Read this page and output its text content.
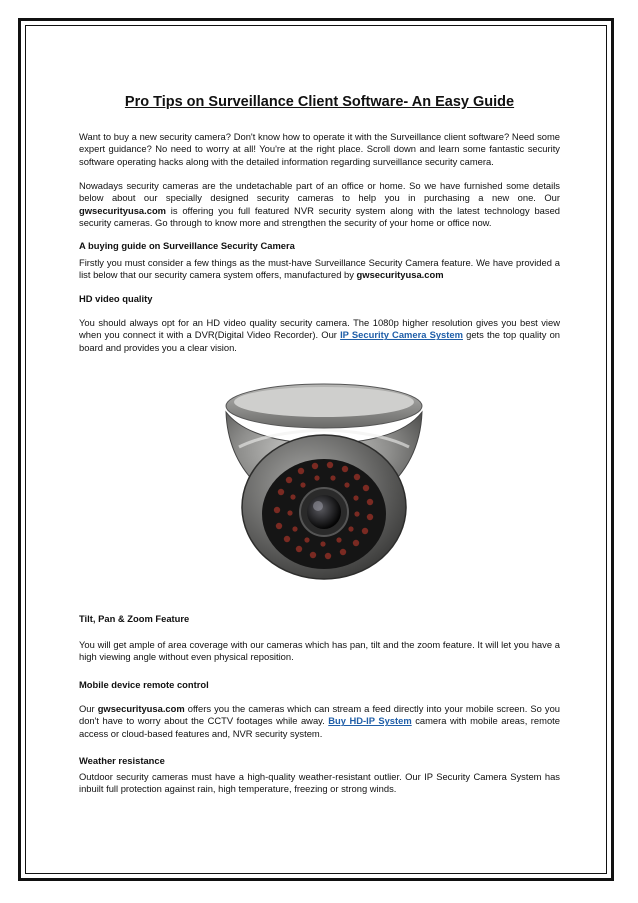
Pro Tips on Surveillance Client Software- An Easy Guide

Want to buy a new security camera? Don't know how to operate it with the Surveillance client software? Need some expert guidance? No need to worry at all! You're at the right place. Scroll down and learn some fantastic security software operating hacks along with the detailed information regarding surveillance security camera.

Nowadays security cameras are the undetachable part of an office or home. So we have furnished some details below about our specially designed security cameras to help you in purchasing a new one. Our gwsecurityusa.com is offering you full featured NVR security system along with the latest technology based security cameras. Go through to know more and strengthen the security of your home or office now.

A buying guide on Surveillance Security Camera

Firstly you must consider a few things as the must-have Surveillance Security Camera feature. We have provided a list below that our security camera system offers, manufactured by gwsecurityusa.com

HD video quality

You should always opt for an HD video quality security camera. The 1080p higher resolution gives you best view when you connect it with a DVR(Digital Video Recorder). Our IP Security Camera System gets the top quality on board and provides you a clear vision.

Tilt, Pan & Zoom Feature

You will get ample of area coverage with our cameras which has pan, tilt and the zoom feature. It will let you have a high viewing angle without even physical reposition.

Mobile device remote control

Our gwsecurityusa.com offers you the cameras which can stream a feed directly into your mobile screen. So you don't have to worry about the CCTV footages while away. Buy HD-IP System camera with mobile areas, remote access or cloud-based features and, NVR security system.

Weather resistance

Outdoor security cameras must have a high-quality weather-resistant outlier. Our IP Security Camera System has inbuilt full protection against rain, high temperature, freezing or strong winds.
